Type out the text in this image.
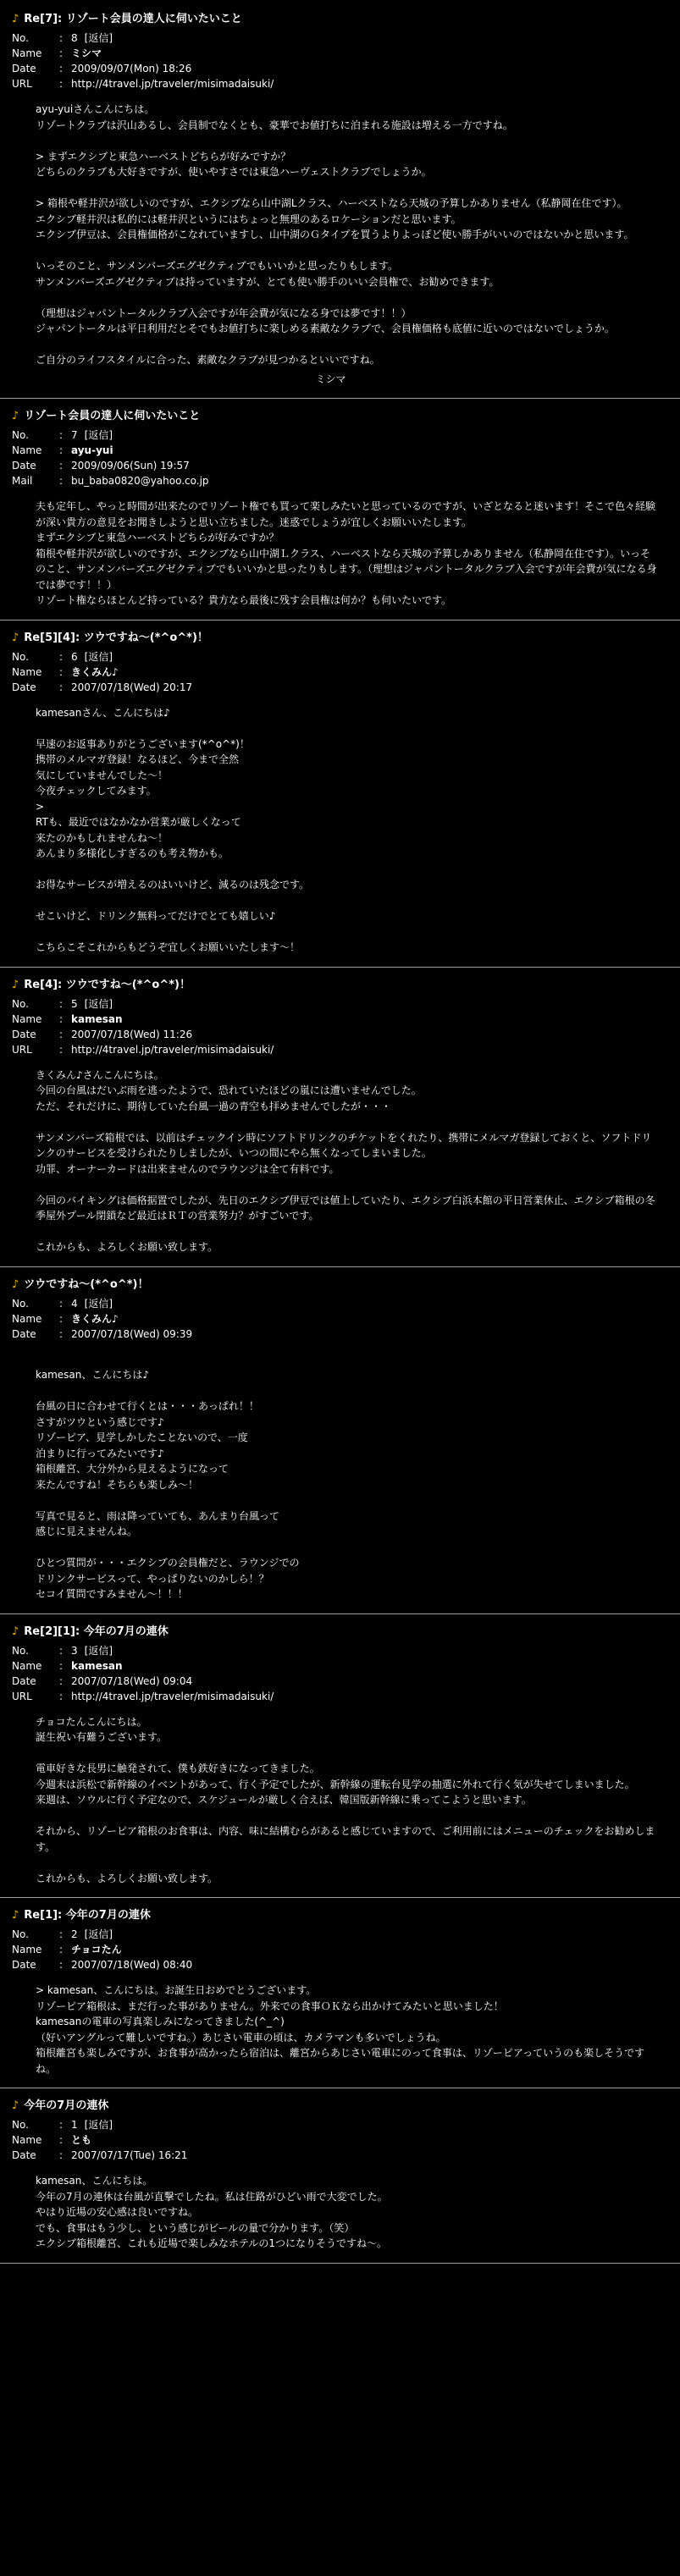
♪ Re[7]: リゾート会員の達人に伺いたいこと
No.	: 8 [返信]
Name	: ミシマ
Date	: 2009/09/07(Mon) 18:26
URL	: http://4travel.jp/traveler/misimadaisuki/
ayu-yuiさんこんにちは。
リゾートクラブは沢山あるし、会員制でなくとも、豪華でお値打ちに泊まれる施設は増える一方ですね。
> まずエクシブと東急ハーベストどちらが好みですか？
どちらのクラブも大好きですが、使いやすさでは東急ハーヴェストクラブでしょうか。
> 箱根や軽井沢が欲しいのですが、エクシブなら山中湖Lクラス、ハーベストなら天城の予算しかありません（私静岡在住です）。
エクシブ軽井沢は私的には軽井沢というにはちょっと無理のあるロケーションだと思います。
エクシブ伊豆は、会員権価格がこなれていますし、山中湖のＧタイプを買うよりよっぽど使い勝手がいいのではないかと思います。
いっそのこと、サンメンバーズエグゼクティブでもいいかと思ったりもします。
サンメンバーズエグゼクティブは持っていますが、とても使い勝手のいい会員権で、お勧めできます。
（理想はジャパントータルクラブ入会ですが年会費が気になる身では夢です！！）
ジャパントータルは平日利用だとそでもお値打ちに楽しめる素敵なクラブで、会員権価格も底値に近いのではないでしょうか。
ご自分のライフスタイルに合った、素敵なクラブが見つかるといいですね。
ミシマ
♪ リゾート会員の達人に伺いたいこと
No.	: 7 [返信]
Name	: ayu-yui
Date	: 2009/09/06(Sun) 19:57
Mail	: bu_baba0820@yahoo.co.jp
夫も定年し、やっと時間が出来たのでリゾート権でも買って楽しみたいと思っているのですが、いざとなると迷います！そこで色々経験が深い貴方の意見をお聞きしようと思い立ちました。迷惑でしょうが宜しくお願いいたします。
まずエクシブと東急ハーベストどちらが好みですか？
箱根や軽井沢が欲しいのですが、エクシブなら山中湖Ｌクラス、ハーベストなら天城の予算しかありません（私静岡在住です）。いっそのこと、サンメンバーズエグゼクティブでもいいかと思ったりもします。（理想はジャパントータルクラブ入会ですが年会費が気になる身では夢です！！）
リゾート権ならほとんど持っている？貴方なら最後に残す会員権は何か？も伺いたいです。
♪ Re[5][4]: ツウですね〜(*^o^*)！
No.	: 6 [返信]
Name	: きくみん♪
Date	: 2007/07/18(Wed) 20:17
kamesanさん、こんにちは♪
早速のお返事ありがとうございます(*^o^*)！
携帯のメルマガ登録！なるほど、今まで全然
気にしていませんでした〜！
今夜チェックしてみます。
>
RTも、最近ではなかなか営業が厳しくなって
来たのかもしれませんね〜！
あんまり多様化しすぎるのも考え物かも。
お得なサービスが増えるのはいいけど、減るのは残念です。
せこいけど、ドリンク無料ってだけでとても嬉しい♪
こちらこそこれからもどうぞ宜しくお願いいたします〜！
♪ Re[4]: ツウですね〜(*^o^*)！
No.	: 5 [返信]
Name	: kamesan
Date	: 2007/07/18(Wed) 11:26
URL	: http://4travel.jp/traveler/misimadaisuki/
きくみん♪さんこんにちは。
今回の台風はだいぶ雨を逃ったようで、恐れていたほどの嵐には遭いませんでした。
ただ、それだけに、期待していた台風一過の青空も拝めませんでしたが・・・
サンメンバーズ箱根では、以前はチェックイン時にソフトドリンクのチケットをくれたり、携帯にメルマガ登録しておくと、ソフトドリンクのサービスを受けられたりしましたが、いつの間にやら無くなってしまいました。
功罪、オーナーカードは出来ませんのでラウンジは全て有料です。
今回のバイキングは価格据置でしたが、先日のエクシブ伊豆では値上していたり、エクシブ白浜本館の平日営業休止、エクシブ箱根の冬季屋外プール閉鎖など最近はＲＴの営業努力？がすごいです。
これからも、よろしくお願い致します。
♪ ツウですね〜(*^o^*)！
No.	: 4 [返信]
Name	: きくみん♪
Date	: 2007/07/18(Wed) 09:39
kamesan、こんにちは♪
台風の日に合わせて行くとは・・・あっぱれ！！
さすがツウという感じです♪
リゾーピア、見学しかしたことないので、一度
泊まりに行ってみたいです♪
箱根離宮、大分外から見えるようになって
来たんですね！そちらも楽しみ〜！
写真で見ると、雨は降っていても、あんまり台風って
感じに見えませんね。
ひとつ質問が・・・エクシブの会員権だと、ラウンジでの
ドリンクサービスって、やっぱりないのかしら！？
セコイ質問ですみません〜！！！
♪ Re[2][1]: 今年の7月の連休
No.	: 3 [返信]
Name	: kamesan
Date	: 2007/07/18(Wed) 09:04
URL	: http://4travel.jp/traveler/misimadaisuki/
チョコたんこんにちは。
誕生祝い有難うございます。
電車好きな長男に触発されて、僕も鉄好きになってきました。
今週末は浜松で新幹線のイベントがあって、行く予定でしたが、新幹線の運転台見学の抽選に外れて行く気が失せてしまいました。
来週は、ソウルに行く予定なので、スケジュールが厳しく合えば、韓国版新幹線に乗ってこようと思います。
それから、リゾーピア箱根のお食事は、内容、味に結構むらがあると感じていますので、ご利用前にはメニューのチェックをお勧めします。
これからも、よろしくお願い致します。
♪ Re[1]: 今年の7月の連休
No.	: 2 [返信]
Name	: チョコたん
Date	: 2007/07/18(Wed) 08:40
> kamesan、こんにちは。お誕生日おめでとうございます。
リゾーピア箱根は、まだ行った事がありません。外来での食事ＯＫなら出かけてみたいと思いました！
kamesanの電車の写真楽しみになってきました(^_^)
（好いアングルって難しいですね。）あじさい電車の頃は、カメラマンも多いでしょうね。
箱根離宮も楽しみですが、お食事が高かったら宿泊は、離宮からあじさい電車にのって食事は、リゾーピアっていうのも楽しそうですね。
♪ 今年の7月の連休
No.	: 1 [返信]
Name	: とも
Date	: 2007/07/17(Tue) 16:21
kamesan、こんにちは。
今年の7月の連休は台風が直撃でしたね。私は住路がひどい雨で大変でした。
やはり近場の安心感は良いですね。
でも、食事はもう少し、という感じがビールの量で分かります。（笑）
エクシブ箱根離宮、これも近場で楽しみなホテルの1つになりそうですね〜。
